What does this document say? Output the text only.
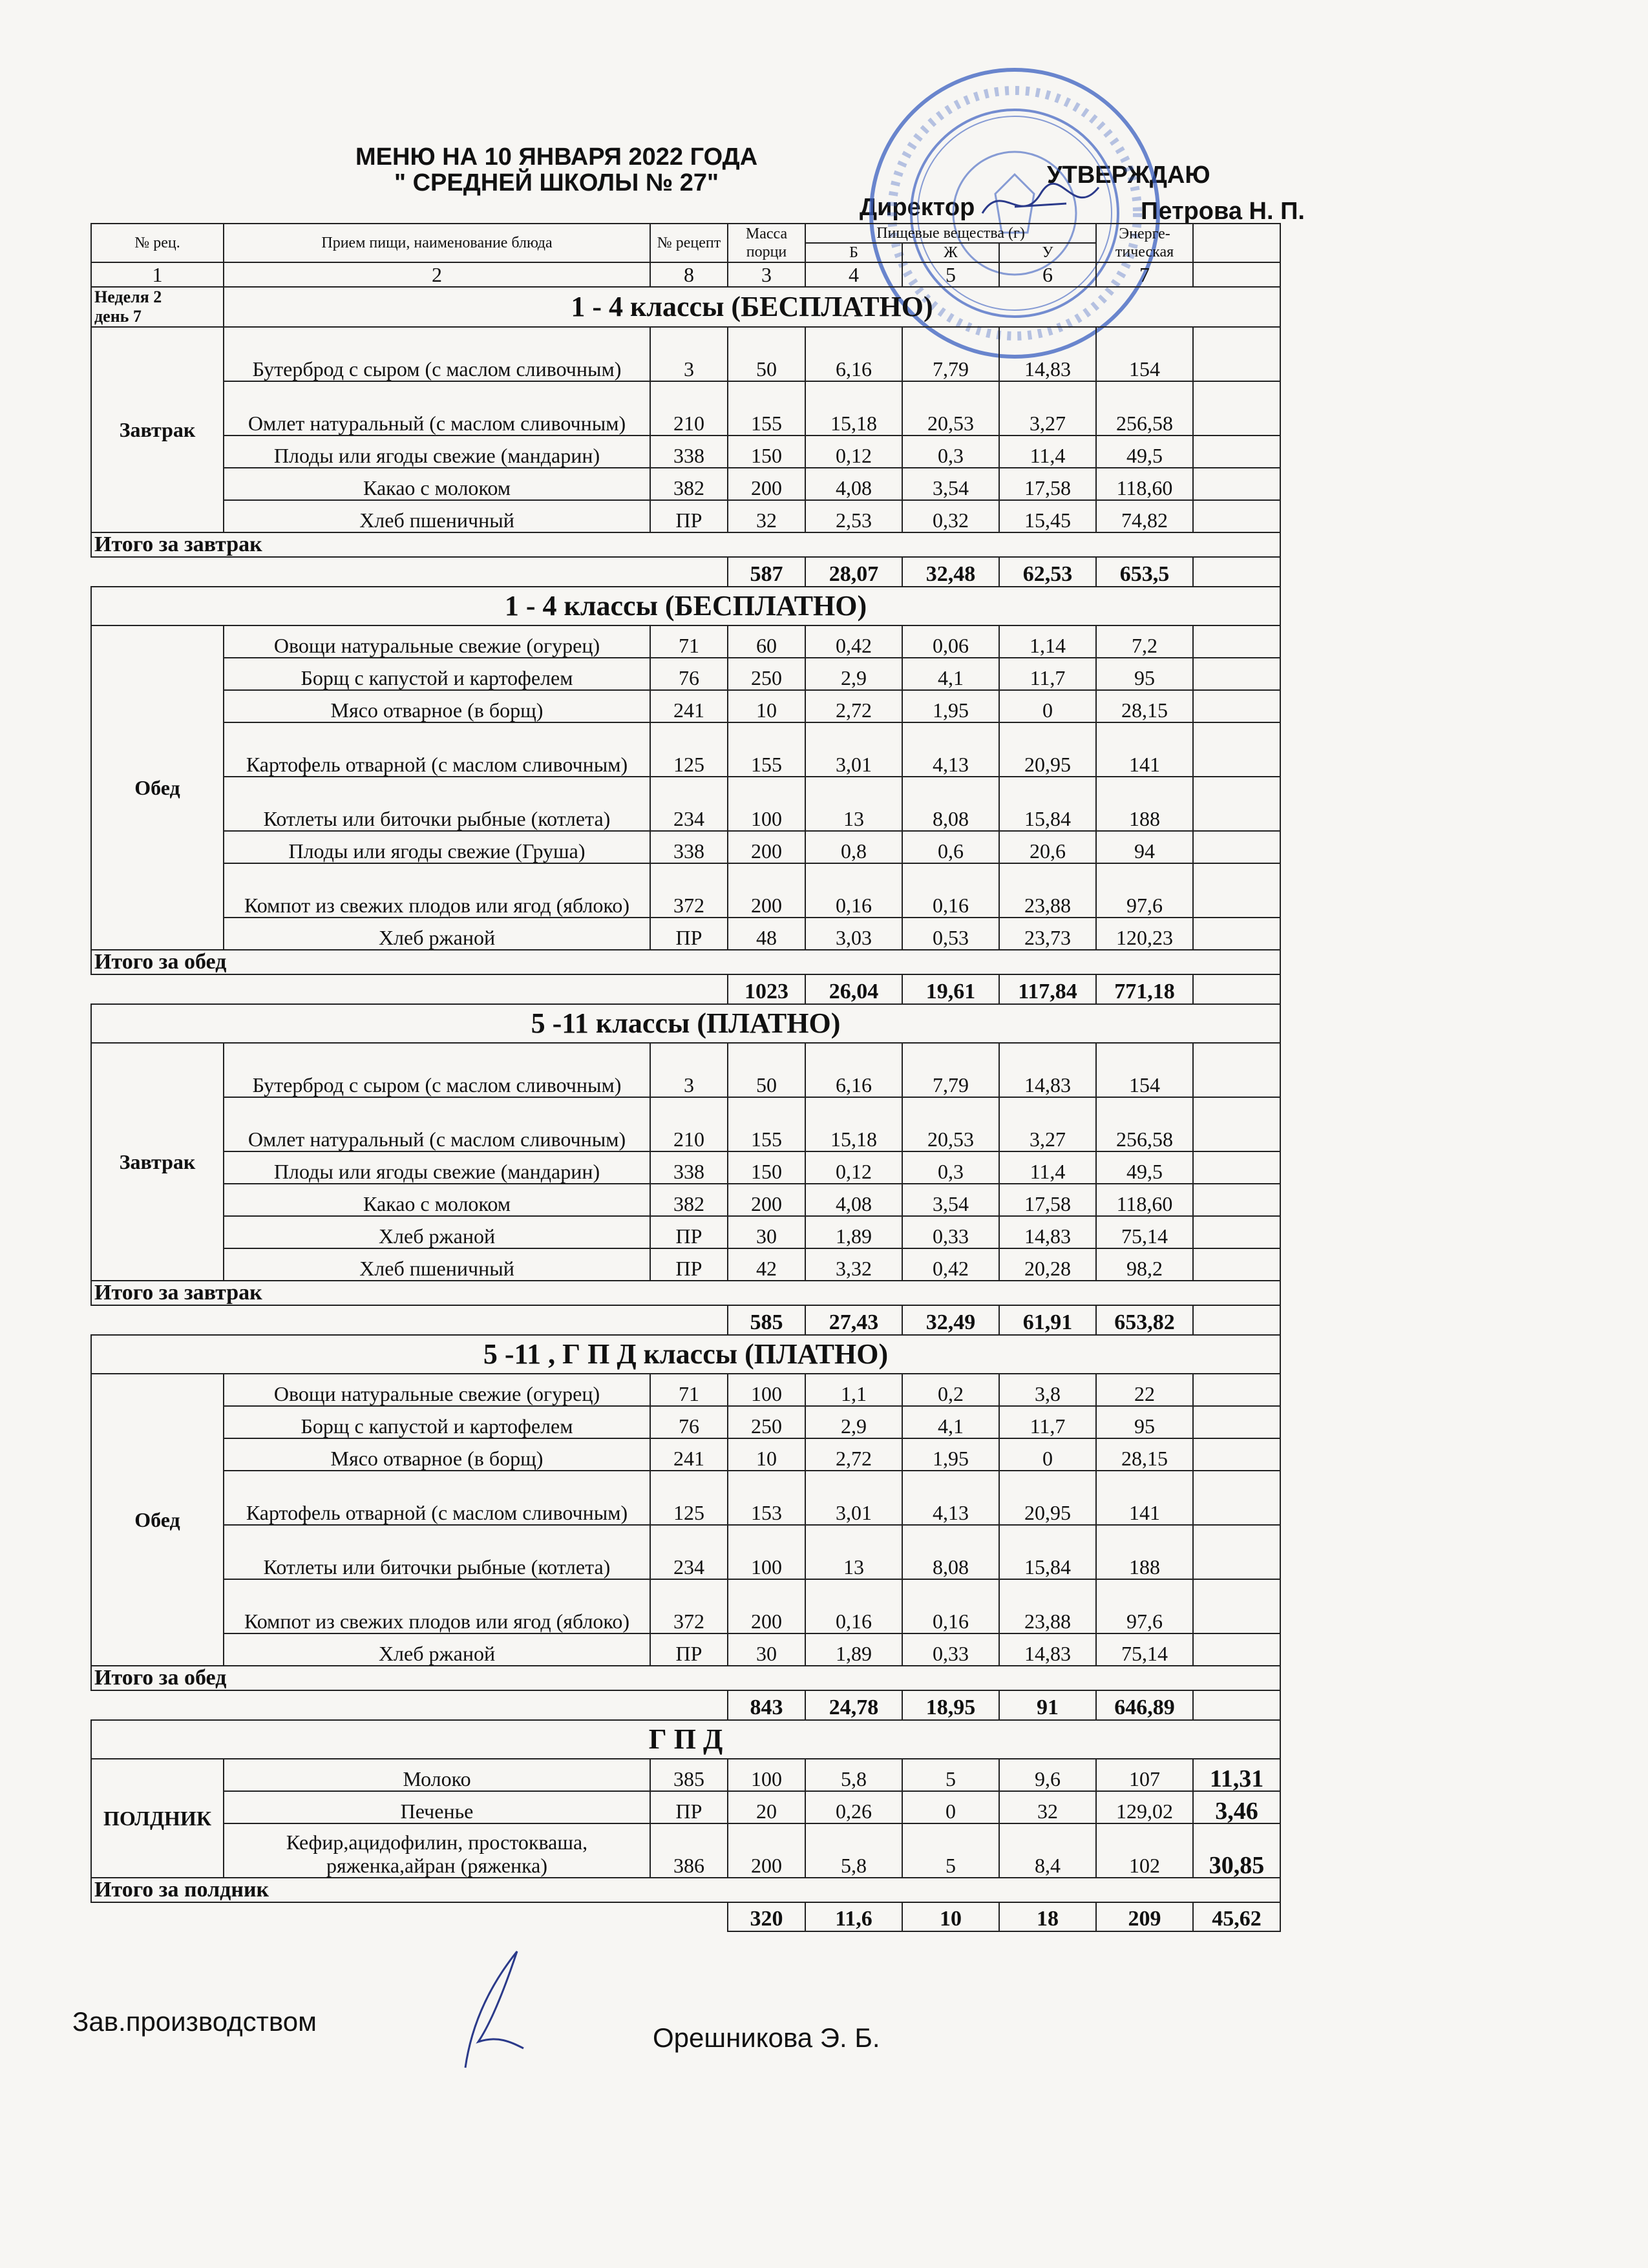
МЕНЮ НА 10 ЯНВАРЯ 2022 ГОДА
" СРЕДНЕЙ ШКОЛЫ № 27"	УТВЕРЖДАЮ
Директор	Петрова Н. П.
№ рец.	Прием пищи, наименование блюда	№ рецепт	Масса порци	Пищевые вещества (г)			Энерге- тическая	
				Б	Ж	У		
1	2	8	3	4	5	6	7	
Неделя 2
день 7	1 - 4 классы (БЕСПЛАТНО)							
Завтрак	Бутерброд с сыром (с маслом сливочным)	3	50	6,16	7,79	14,83	154	
	Омлет натуральный (с маслом сливочным)	210	155	15,18	20,53	3,27	256,58	
	Плоды или ягоды свежие (мандарин)	338	150	0,12	0,3	11,4	49,5	
	Какао с молоком	382	200	4,08	3,54	17,58	118,60	
	Хлеб пшеничный	ПР	32	2,53	0,32	15,45	74,82	
Итого за завтрак								
			587	28,07	32,48	62,53	653,5	
1 - 4 классы (БЕСПЛАТНО)								
Обед	Овощи натуральные свежие (огурец)	71	60	0,42	0,06	1,14	7,2	
	Борщ с капустой и картофелем	76	250	2,9	4,1	11,7	95	
	Мясо отварное (в борщ)	241	10	2,72	1,95	0	28,15	
	Картофель отварной (с маслом сливочным)	125	155	3,01	4,13	20,95	141	
	Котлеты или биточки рыбные (котлета)	234	100	13	8,08	15,84	188	
	Плоды или ягоды свежие (Груша)	338	200	0,8	0,6	20,6	94	
	Компот из свежих плодов или ягод (яблоко)	372	200	0,16	0,16	23,88	97,6	
	Хлеб ржаной	ПР	48	3,03	0,53	23,73	120,23	
Итого за обед								
			1023	26,04	19,61	117,84	771,18	
5 -11 классы (ПЛАТНО)								
Завтрак	Бутерброд с сыром (с маслом сливочным)	3	50	6,16	7,79	14,83	154	
	Омлет натуральный (с маслом сливочным)	210	155	15,18	20,53	3,27	256,58	
	Плоды или ягоды свежие (мандарин)	338	150	0,12	0,3	11,4	49,5	
	Какао с молоком	382	200	4,08	3,54	17,58	118,60	
	Хлеб ржаной	ПР	30	1,89	0,33	14,83	75,14	
	Хлеб пшеничный	ПР	42	3,32	0,42	20,28	98,2	
Итого за завтрак								
			585	27,43	32,49	61,91	653,82	
5 -11 , Г П Д классы (ПЛАТНО)								
Обед	Овощи натуральные свежие (огурец)	71	100	1,1	0,2	3,8	22	
	Борщ с капустой и картофелем	76	250	2,9	4,1	11,7	95	
	Мясо отварное (в борщ)	241	10	2,72	1,95	0	28,15	
	Картофель отварной (с маслом сливочным)	125	153	3,01	4,13	20,95	141	
	Котлеты или биточки рыбные (котлета)	234	100	13	8,08	15,84	188	
	Компот из свежих плодов или ягод (яблоко)	372	200	0,16	0,16	23,88	97,6	
	Хлеб ржаной	ПР	30	1,89	0,33	14,83	75,14	
Итого за обед								
			843	24,78	18,95	91	646,89	
Г П Д								
ПОЛДНИК	Молоко	385	100	5,8	5	9,6	107	11,31
	Печенье	ПР	20	0,26	0	32	129,02	3,46
	Кефир,ацидофилин, простокваша, ряженка,айран (ряженка)	386	200	5,8	5	8,4	102	30,85
Итого за полдник								
			320	11,6	10	18	209	45,62
Зав.производством
Орешникова Э. Б.
